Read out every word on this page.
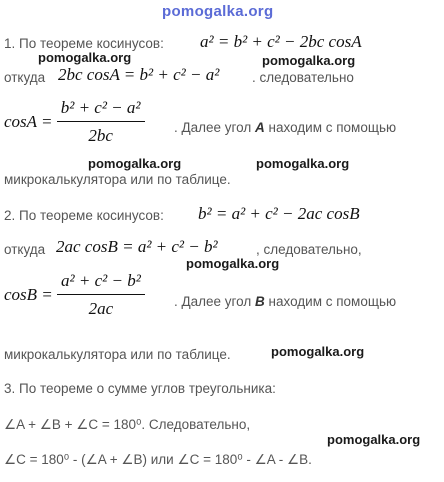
pomogalka.org
1. По теореме косинусов: a² = b² + c² − 2bc cosA
pomogalka.org	pomogalka.org
откуда 2bc cosA = b² + c² − a² . следовательно
$\cos A = \frac{\text{b² + c² − a²}}{2bc}$ . Далее угол A находим с помощью
pomogalka.org	pomogalka.org
микрокалькулятора или по таблице.
2. По теореме косинусов: b² = a² + c² − 2ac cosB
откуда 2ac cosB = a² + c² − b²	, следовательно,
pomogalka.org
$\cos B = \frac{\text{a² + c² − b²}}{2ac}$ . Далее угол B находим с помощью
микрокалькулятора или по таблице.	pomogalka.org
3. По теореме о сумме углов треугольника:
∠A + ∠B + ∠C = 180⁰. Следовательно,
pomogalka.org
∠C = 180⁰ - (∠A + ∠B) или ∠C = 180⁰ - ∠A - ∠B.
